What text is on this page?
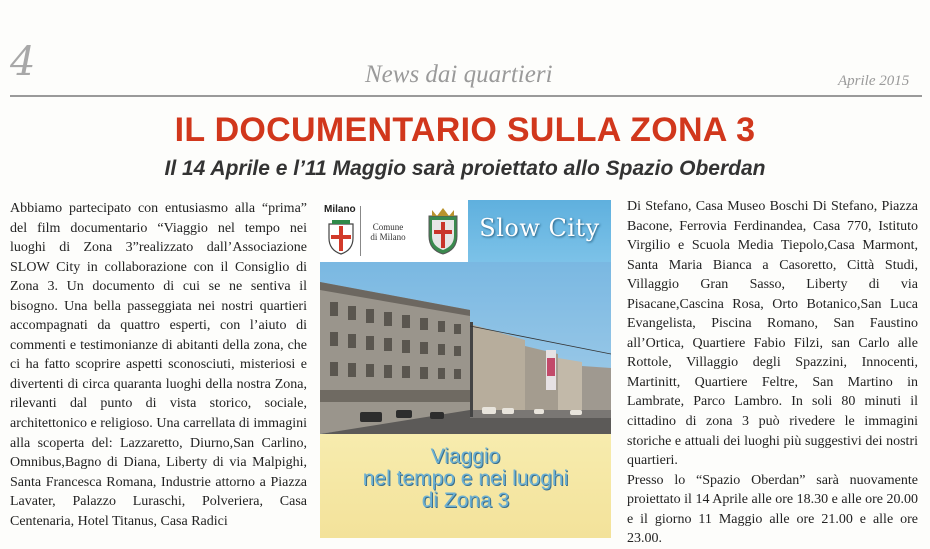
4	News dai quartieri	Aprile 2015
IL DOCUMENTARIO SULLA ZONA 3
Il 14 Aprile e l’11 Maggio sarà proiettato allo Spazio Oberdan

Abbiamo partecipato con entusiasmo alla “prima” del film documentario “Viaggio nel tempo nei luoghi di Zona 3”realizzato dall’Associazione SLOW City in collaborazione con il Consiglio di Zona 3. Un documento di cui se ne sentiva il bisogno. Una bella passeggiata nei nostri quartieri accompagnati da quattro esperti, con l’aiuto di commenti e testimonianze di abitanti della zona, che ci ha fatto scoprire aspetti sconosciuti, misteriosi e divertenti di circa quaranta luoghi della nostra Zona, rilevanti dal punto di vista storico, sociale, architettonico e religioso. Una carrellata di immagini alla scoperta del: Lazzaretto, Diurno,San Carlino, Omnibus,Bagno di Diana, Liberty di via Malpighi, Santa Francesca Romana, Industrie attorno a Piazza Lavater, Palazzo Luraschi, Polveriera, Casa Centenaria, Hotel Titanus, Casa Radici

Milano
Comune
di Milano	Slow City

Viaggio
nel tempo e nei luoghi
di Zona 3

Di Stefano, Casa Museo Boschi Di Stefano, Piazza Bacone, Ferrovia Ferdinandea, Casa 770, Istituto Virgilio e Scuola Media Tiepolo,Casa Marmont, Santa Maria Bianca a Casoretto, Città Studi, Villaggio Gran Sasso, Liberty di via Pisacane,Cascina Rosa, Orto Botanico,San Luca Evangelista, Piscina Romano, San Faustino all’Ortica, Quartiere Fabio Filzi, san Carlo alle Rottole, Villaggio degli Spazzini, Innocenti, Martinitt, Quartiere Feltre, San Martino in Lambrate, Parco Lambro. In soli 80 minuti il cittadino di zona 3 può rivedere le immagini storiche e attuali dei luoghi più suggestivi dei nostri quartieri.

Presso lo “Spazio Oberdan” sarà nuovamente proiettato il 14 Aprile alle ore 18.30 e alle ore 20.00 e il giorno 11 Maggio alle ore 21.00 e alle ore 23.00.
